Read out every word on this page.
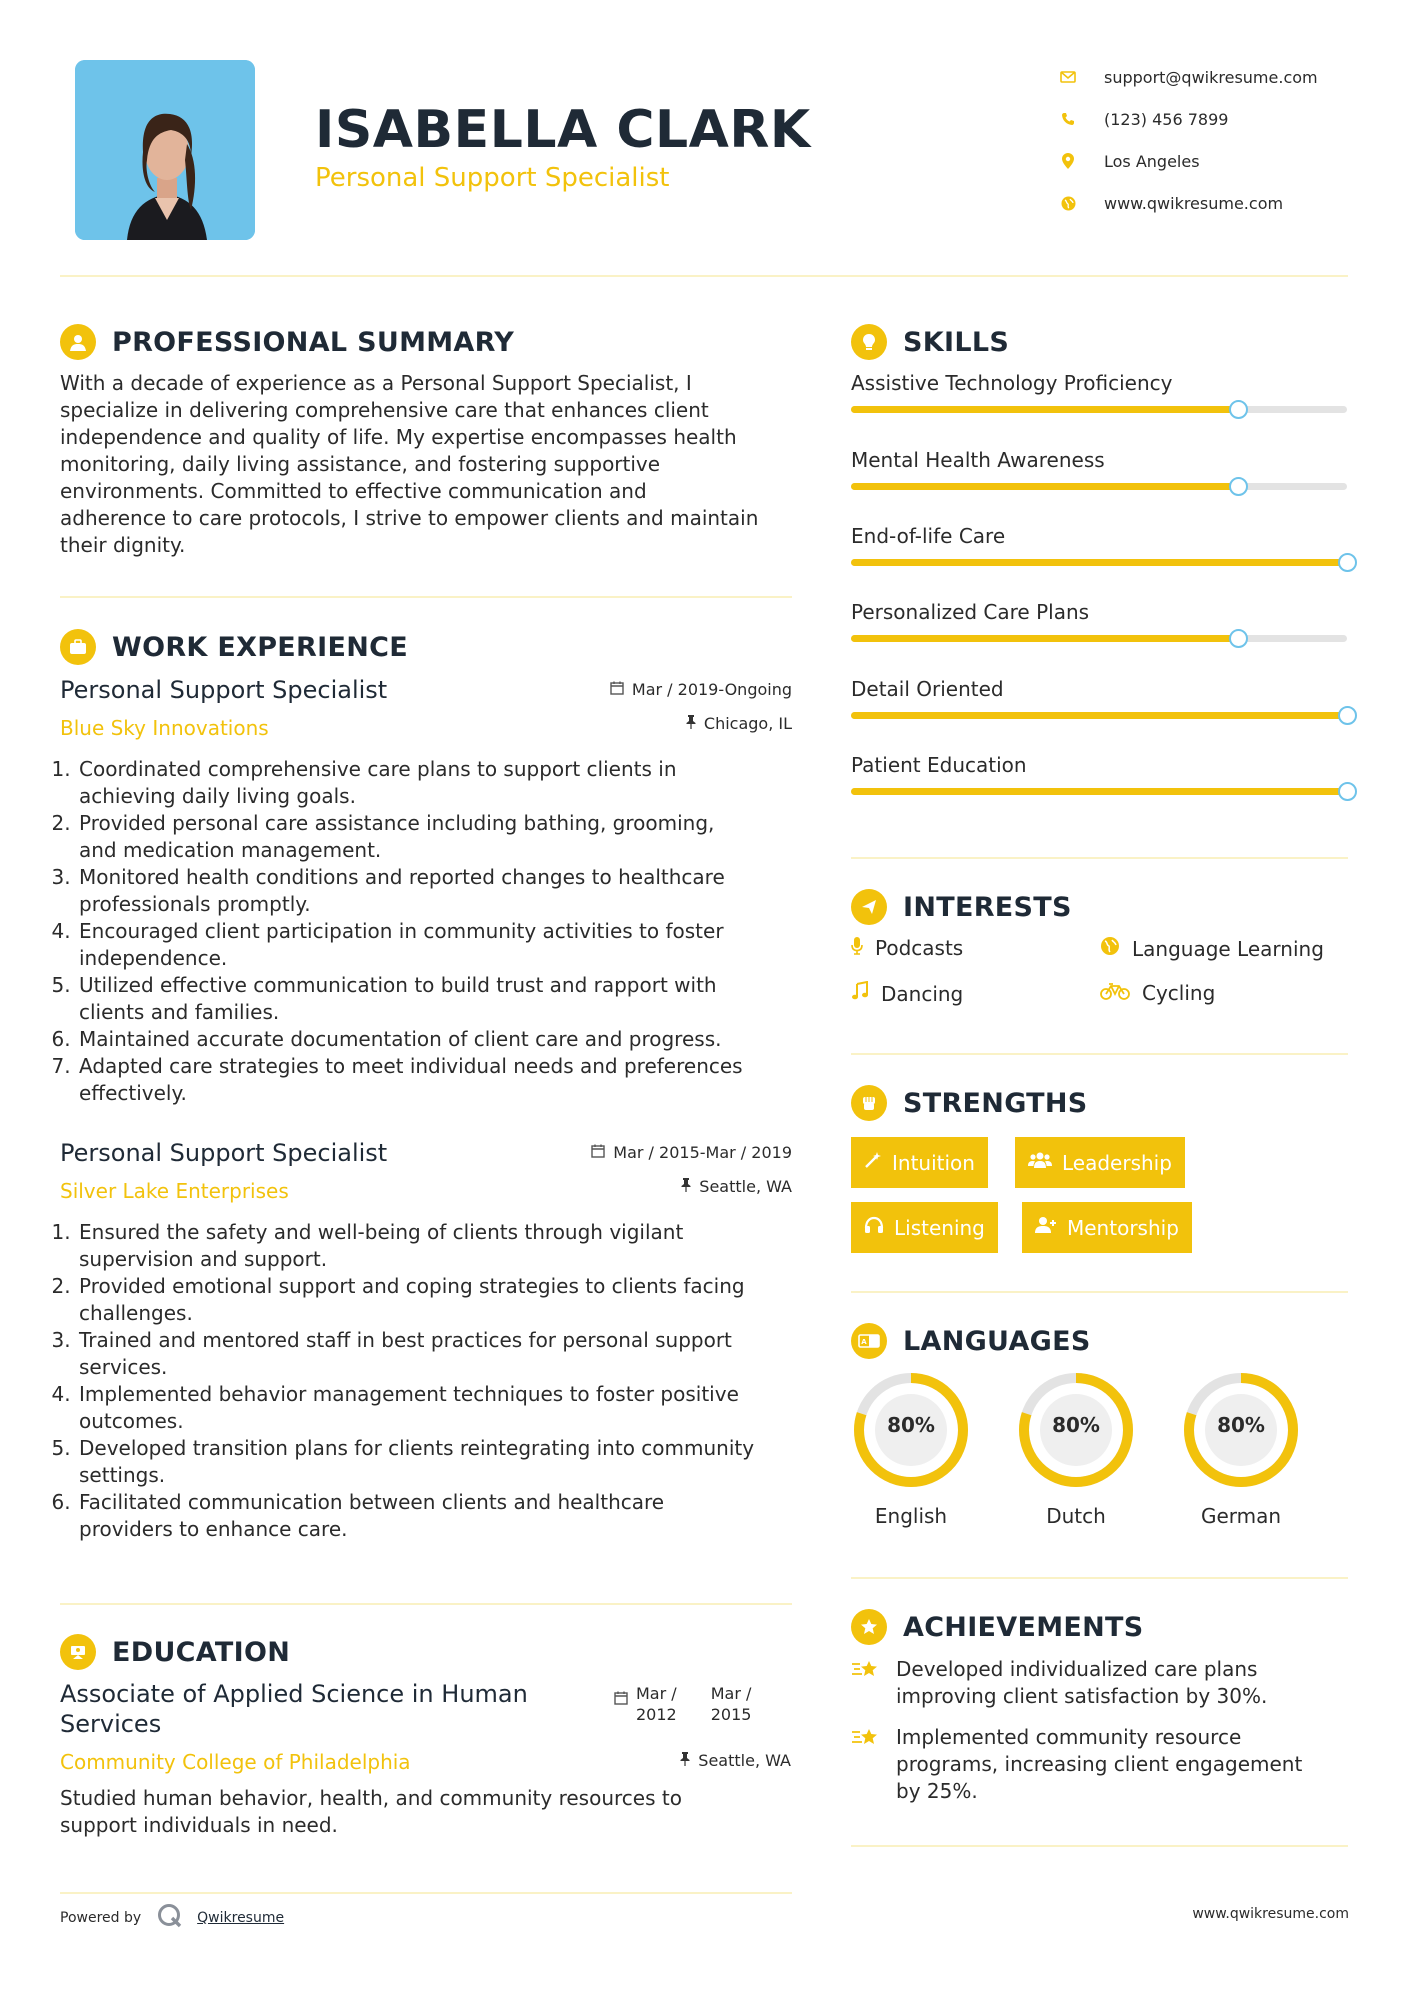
ISABELLA CLARK
Personal Support Specialist
support@qwikresume.com
(123) 456 7899
Los Angeles
www.qwikresume.com
PROFESSIONAL SUMMARY
With a decade of experience as a Personal Support Specialist, I
specialize in delivering comprehensive care that enhances client
independence and quality of life. My expertise encompasses health
monitoring, daily living assistance, and fostering supportive
environments. Committed to effective communication and
adherence to care protocols, I strive to empower clients and maintain
their dignity.
WORK EXPERIENCE
Personal Support Specialist	Mar / 2019-Ongoing
Blue Sky Innovations	Chicago, IL
1. Coordinated comprehensive care plans to support clients in
achieving daily living goals.
2. Provided personal care assistance including bathing, grooming,
and medication management.
3. Monitored health conditions and reported changes to healthcare
professionals promptly.
4. Encouraged client participation in community activities to foster
independence.
5. Utilized effective communication to build trust and rapport with
clients and families.
6. Maintained accurate documentation of client care and progress.
7. Adapted care strategies to meet individual needs and preferences
effectively.
Personal Support Specialist	Mar / 2015-Mar / 2019
Silver Lake Enterprises	Seattle, WA
1. Ensured the safety and well-being of clients through vigilant
supervision and support.
2. Provided emotional support and coping strategies to clients facing
challenges.
3. Trained and mentored staff in best practices for personal support
services.
4. Implemented behavior management techniques to foster positive
outcomes.
5. Developed transition plans for clients reintegrating into community
settings.
6. Facilitated communication between clients and healthcare
providers to enhance care.
EDUCATION
Associate of Applied Science in Human
Services
Mar /
2012
Mar /
2015
Community College of Philadelphia	Seattle, WA
Studied human behavior, health, and community resources to
support individuals in need.
SKILLS
Assistive Technology Proficiency
Mental Health Awareness
End-of-life Care
Personalized Care Plans
Detail Oriented
Patient Education
INTERESTS
Podcasts	Language Learning
Dancing	Cycling
STRENGTHS
Intuition	Leadership
Listening	Mentorship
A LANGUAGES
80%
English
80%
Dutch
80%
German
ACHIEVEMENTS
Developed individualized care plans
improving client satisfaction by 30%.
Implemented community resource
programs, increasing client engagement
by 25%.
Powered by	Qwikresume	www.qwikresume.com
